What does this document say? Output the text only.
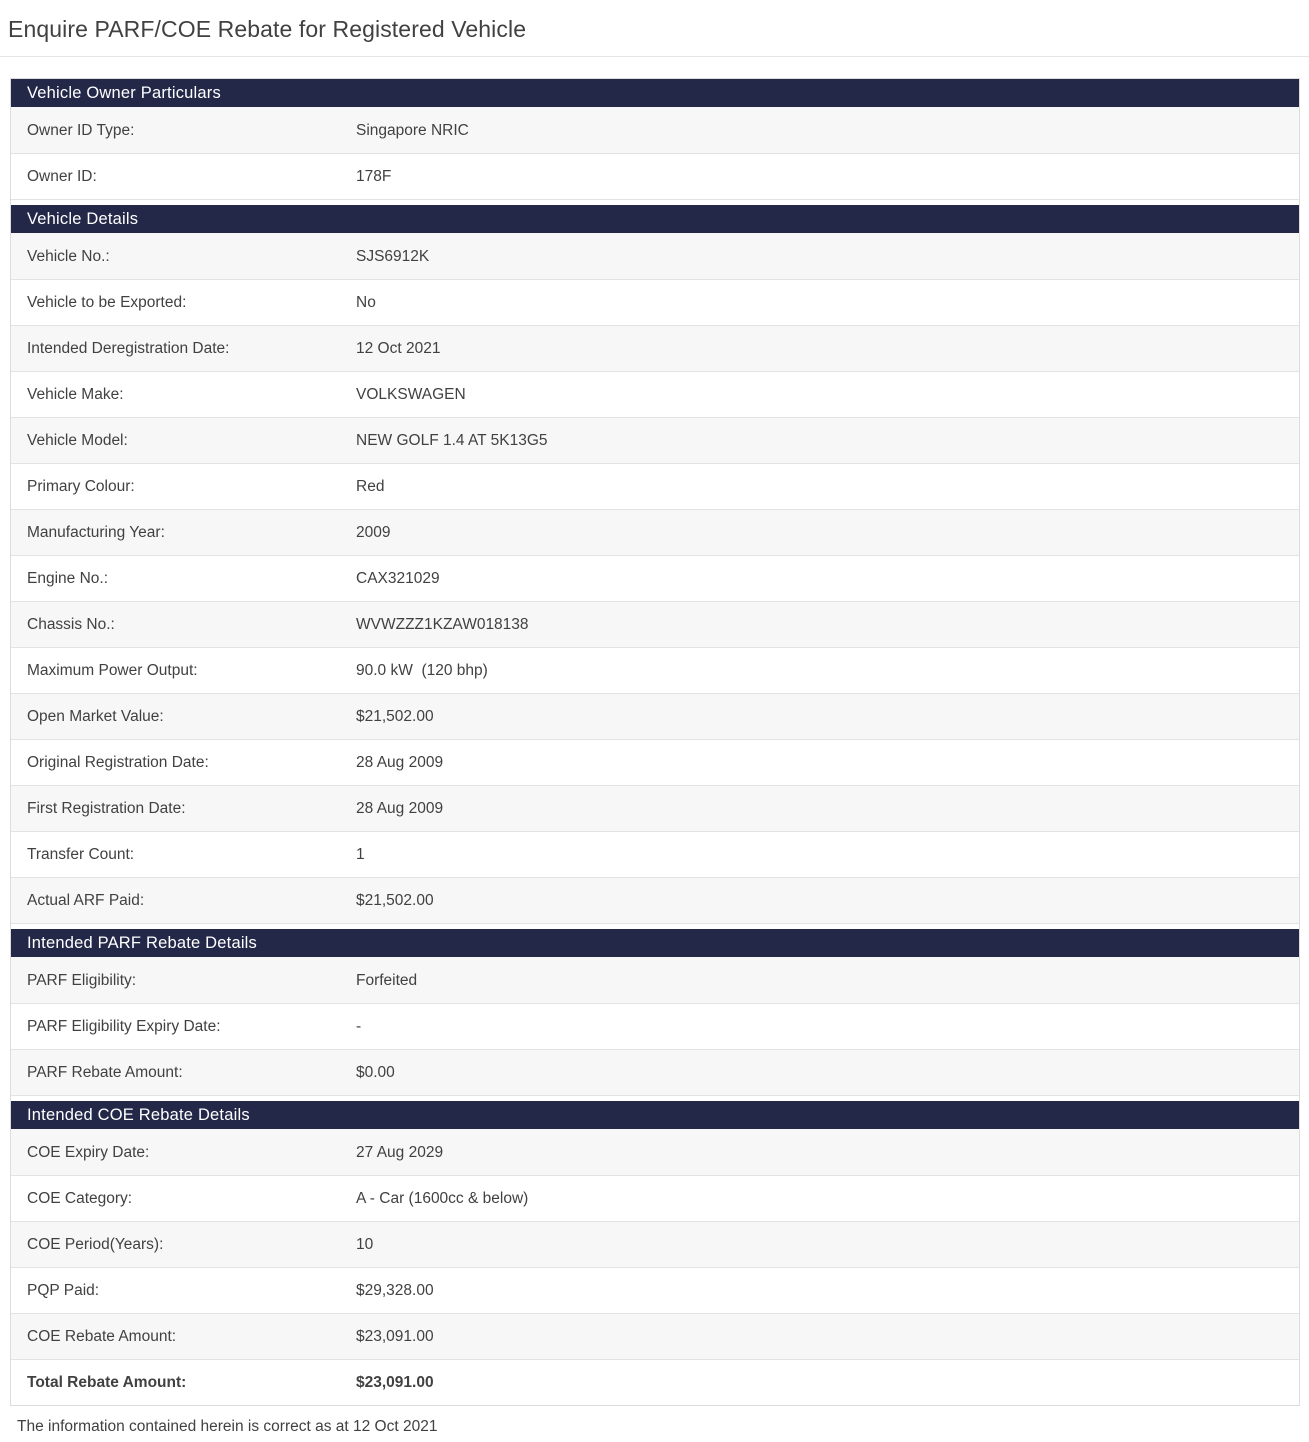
Enquire PARF/COE Rebate for Registered Vehicle
Vehicle Owner Particulars
Owner ID Type:	Singapore NRIC
Owner ID:	178F
Vehicle Details
Vehicle No.:	SJS6912K
Vehicle to be Exported:	No
Intended Deregistration Date:	12 Oct 2021
Vehicle Make:	VOLKSWAGEN
Vehicle Model:	NEW GOLF 1.4 AT 5K13G5
Primary Colour:	Red
Manufacturing Year:	2009
Engine No.:	CAX321029
Chassis No.:	WVWZZZ1KZAW018138
Maximum Power Output:	90.0 kW  (120 bhp)
Open Market Value:	$21,502.00
Original Registration Date:	28 Aug 2009
First Registration Date:	28 Aug 2009
Transfer Count:	1
Actual ARF Paid:	$21,502.00
Intended PARF Rebate Details
PARF Eligibility:	Forfeited
PARF Eligibility Expiry Date:	-
PARF Rebate Amount:	$0.00
Intended COE Rebate Details
COE Expiry Date:	27 Aug 2029
COE Category:	A - Car (1600cc & below)
COE Period(Years):	10
PQP Paid:	$29,328.00
COE Rebate Amount:	$23,091.00
Total Rebate Amount:	$23,091.00
The information contained herein is correct as at 12 Oct 2021
